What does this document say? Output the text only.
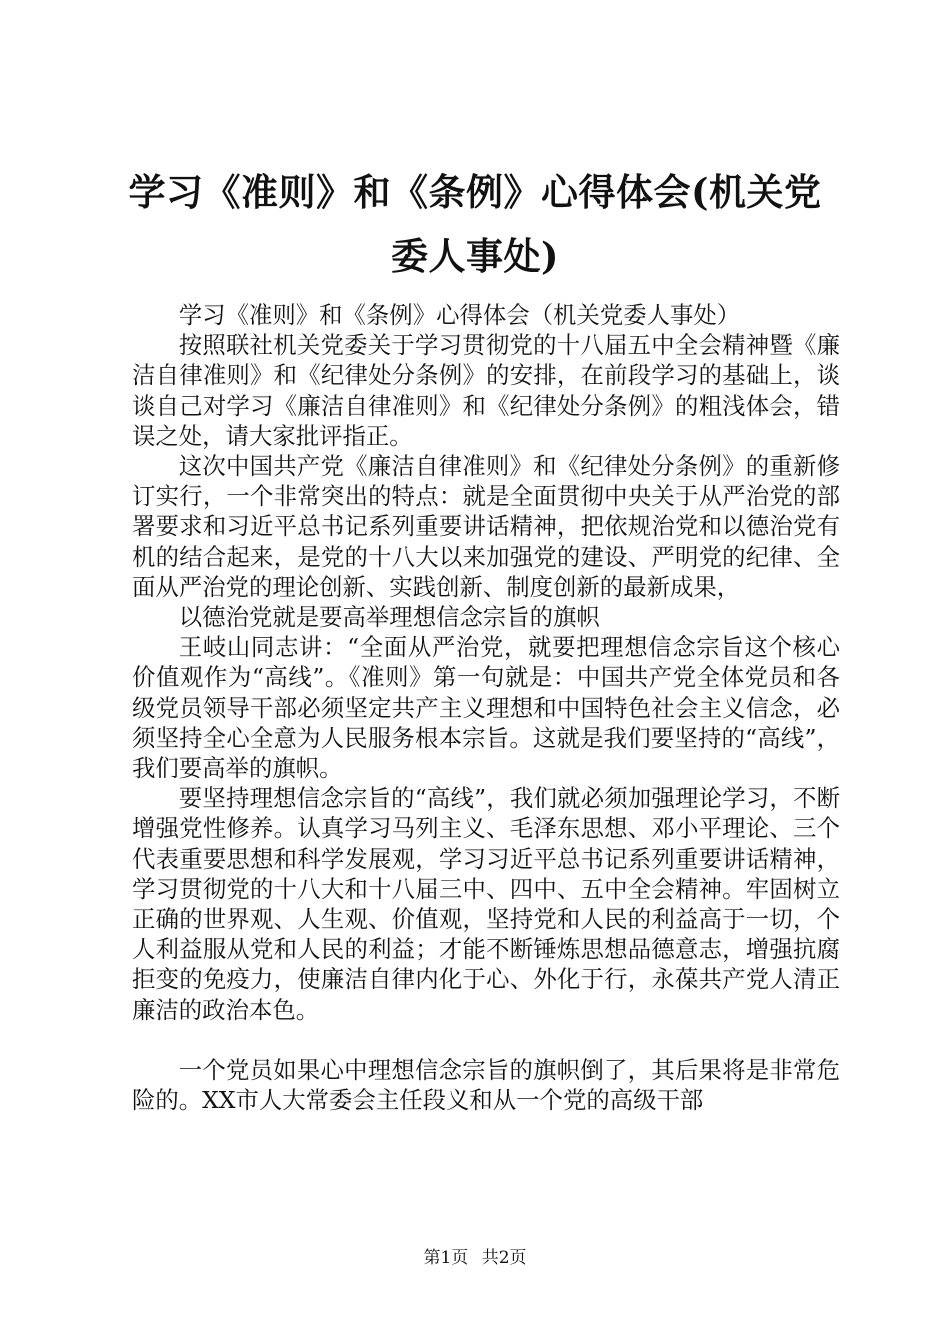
学习《准则》和《条例》心得体会(机关党委人事处)

学习《准则》和《条例》心得体会（机关党委人事处）

按照联社机关党委关于学习贯彻党的十八届五中全会精神暨《廉洁自律准则》和《纪律处分条例》的安排，在前段学习的基础上，谈谈自己对学习《廉洁自律准则》和《纪律处分条例》的粗浅体会，错误之处，请大家批评指正。

这次中国共产党《廉洁自律准则》和《纪律处分条例》的重新修订实行，一个非常突出的特点：就是全面贯彻中央关于从严治党的部署要求和习近平总书记系列重要讲话精神，把依规治党和以德治党有机的结合起来，是党的十八大以来加强党的建设、严明党的纪律、全面从严治党的理论创新、实践创新、制度创新的最新成果，

以德治党就是要高举理想信念宗旨的旗帜

王岐山同志讲：“全面从严治党，就要把理想信念宗旨这个核心价值观作为“高线”。《准则》第一句就是：中国共产党全体党员和各级党员领导干部必须坚定共产主义理想和中国特色社会主义信念，必须坚持全心全意为人民服务根本宗旨。这就是我们要坚持的“高线”，我们要高举的旗帜。

要坚持理想信念宗旨的“高线”，我们就必须加强理论学习，不断增强党性修养。认真学习马列主义、毛泽东思想、邓小平理论、三个代表重要思想和科学发展观，学习习近平总书记系列重要讲话精神，学习贯彻党的十八大和十八届三中、四中、五中全会精神。牢固树立正确的世界观、人生观、价值观，坚持党和人民的利益高于一切，个人利益服从党和人民的利益；才能不断锤炼思想品德意志，增强抗腐拒变的免疫力，使廉洁自律内化于心、外化于行，永葆共产党人清正廉洁的政治本色。

一个党员如果心中理想信念宗旨的旗帜倒了，其后果将是非常危险的。XX市人大常委会主任段义和从一个党的高级干部

第1页 共2页
